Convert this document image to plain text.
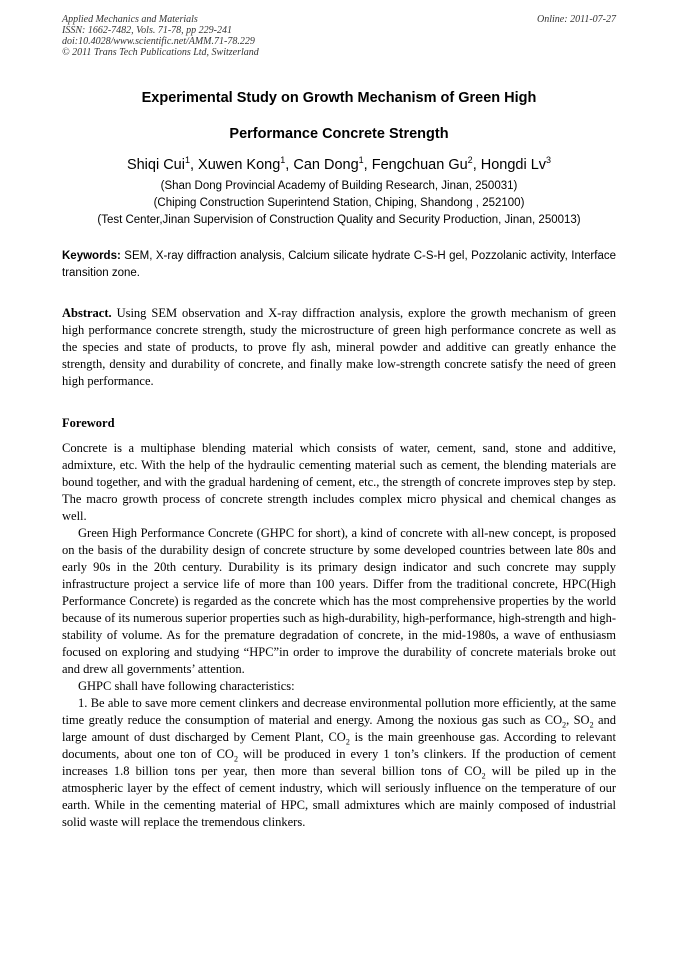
Applied Mechanics and Materials
ISSN: 1662-7482, Vols. 71-78, pp 229-241
doi:10.4028/www.scientific.net/AMM.71-78.229
© 2011 Trans Tech Publications Ltd, Switzerland
Online: 2011-07-27
Experimental Study on Growth Mechanism of Green High
Performance Concrete Strength
Shiqi Cui$^1$, Xuwen Kong$^1$, Can Dong$^1$, Fengchuan Gu$^2$, Hongdi Lv$^3$
(Shan Dong Provincial Academy of Building Research, Jinan, 250031)
(Chiping Construction Superintend Station, Chiping, Shandong , 252100)
(Test Center,Jinan Supervision of Construction Quality and Security Production, Jinan, 250013)
Keywords: SEM, X-ray diffraction analysis, Calcium silicate hydrate C-S-H gel, Pozzolanic activity, Interface transition zone.
Abstract. Using SEM observation and X-ray diffraction analysis, explore the growth mechanism of green high performance concrete strength, study the microstructure of green high performance concrete as well as the species and state of products, to prove fly ash, mineral powder and additive can greatly enhance the strength, density and durability of concrete, and finally make low-strength concrete satisfy the need of green high performance.
Foreword

Concrete is a multiphase blending material which consists of water, cement, sand, stone and additive, admixture, etc. With the help of the hydraulic cementing material such as cement, the blending materials are bound together, and with the gradual hardening of cement, etc., the strength of concrete improves step by step. The macro growth process of concrete strength includes complex micro physical and chemical changes as well.

Green High Performance Concrete (GHPC for short), a kind of concrete with all-new concept, is proposed on the basis of the durability design of concrete structure by some developed countries between late 80s and early 90s in the 20th century. Durability is its primary design indicator and such concrete may supply infrastructure project a service life of more than 100 years. Differ from the traditional concrete, HPC(High Performance Concrete) is regarded as the concrete which has the most comprehensive properties by the world because of its numerous superior properties such as high-durability, high-performance, high-strength and high-stability of volume. As for the premature degradation of concrete, in the mid-1980s, a wave of enthusiasm focused on exploring and studying “HPC”in order to improve the durability of concrete materials broke out and drew all governments’ attention.

GHPC shall have following characteristics:

1. Be able to save more cement clinkers and decrease environmental pollution more efficiently, at the same time greatly reduce the consumption of material and energy. Among the noxious gas such as $CO_2$, $SO_2$ and large amount of dust discharged by Cement Plant, $CO_2$ is the main greenhouse gas. According to relevant documents, about one ton of $CO_2$ will be produced in every 1 ton’s clinkers. If the production of cement increases 1.8 billion tons per year, then more than several billion tons of $CO_2$ will be piled up in the atmospheric layer by the effect of cement industry, which will seriously influence on the temperature of our earth. While in the cementing material of HPC, small admixtures which are mainly composed of industrial solid waste will replace the tremendous clinkers.
